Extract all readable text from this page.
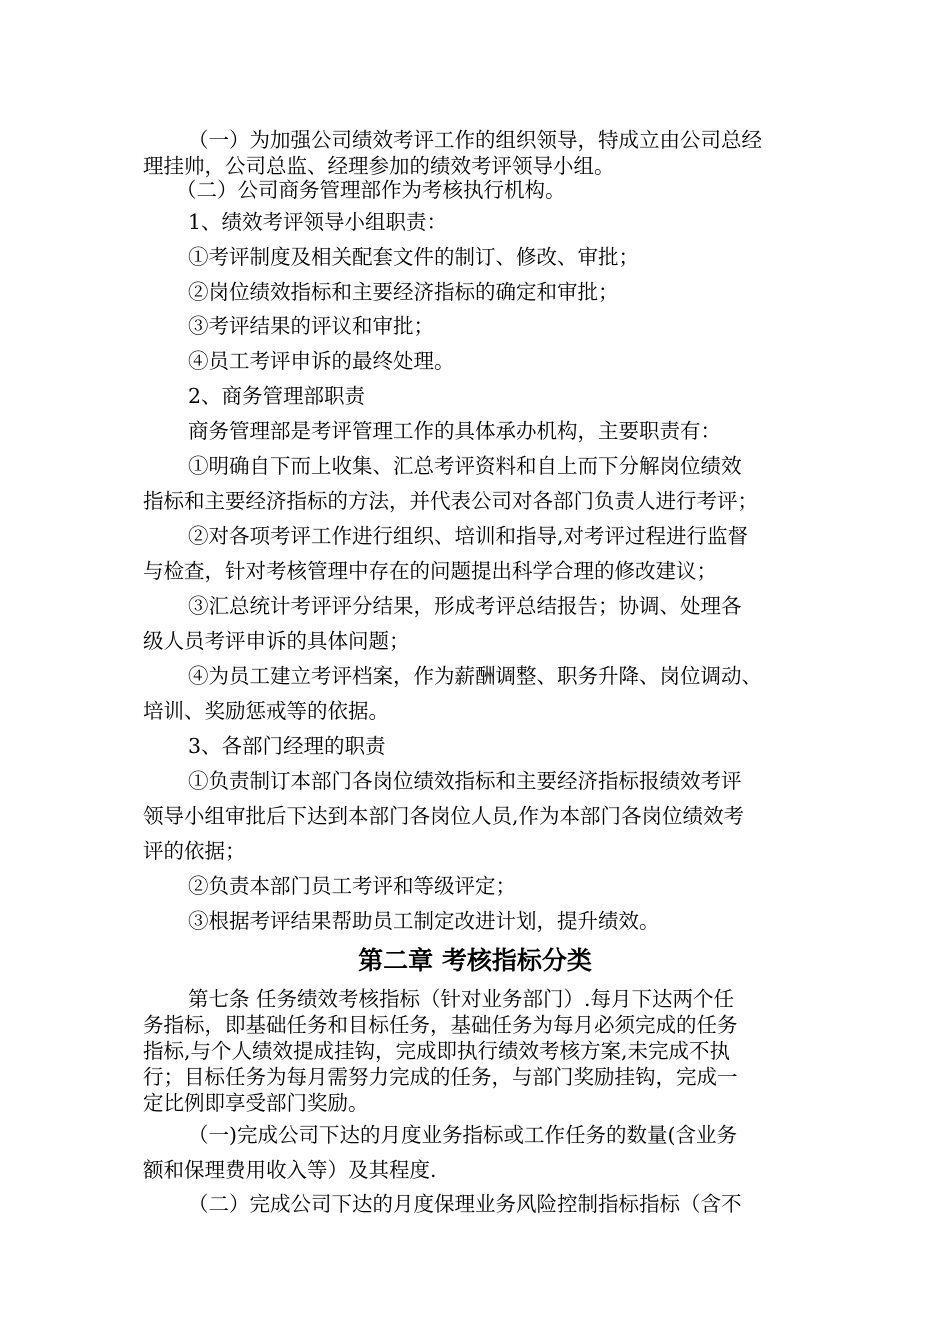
（一）为加强公司绩效考评工作的组织领导，特成立由公司总经

理挂帅，公司总监、经理参加的绩效考评领导小组。

（二）公司商务管理部作为考核执行机构。

1、绩效考评领导小组职责：

①考评制度及相关配套文件的制订、修改、审批；

②岗位绩效指标和主要经济指标的确定和审批；

③考评结果的评议和审批；

④员工考评申诉的最终处理。

2、商务管理部职责

商务管理部是考评管理工作的具体承办机构，主要职责有：

①明确自下而上收集、汇总考评资料和自上而下分解岗位绩效

指标和主要经济指标的方法，并代表公司对各部门负责人进行考评；

②对各项考评工作进行组织、培训和指导,对考评过程进行监督

与检查，针对考核管理中存在的问题提出科学合理的修改建议；

③汇总统计考评评分结果，形成考评总结报告；协调、处理各

级人员考评申诉的具体问题；

④为员工建立考评档案，作为薪酬调整、职务升降、岗位调动、

培训、奖励惩戒等的依据。

3、各部门经理的职责

①负责制订本部门各岗位绩效指标和主要经济指标报绩效考评

领导小组审批后下达到本部门各岗位人员,作为本部门各岗位绩效考

评的依据；

②负责本部门员工考评和等级评定；

③根据考评结果帮助员工制定改进计划，提升绩效。

第二章 考核指标分类

第七条 任务绩效考核指标（针对业务部门）.每月下达两个任

务指标，即基础任务和目标任务，基础任务为每月必须完成的任务

指标,与个人绩效提成挂钩，完成即执行绩效考核方案,未完成不执

行；目标任务为每月需努力完成的任务，与部门奖励挂钩，完成一

定比例即享受部门奖励。

（一)完成公司下达的月度业务指标或工作任务的数量(含业务

额和保理费用收入等）及其程度.

（二）完成公司下达的月度保理业务风险控制指标指标（含不
